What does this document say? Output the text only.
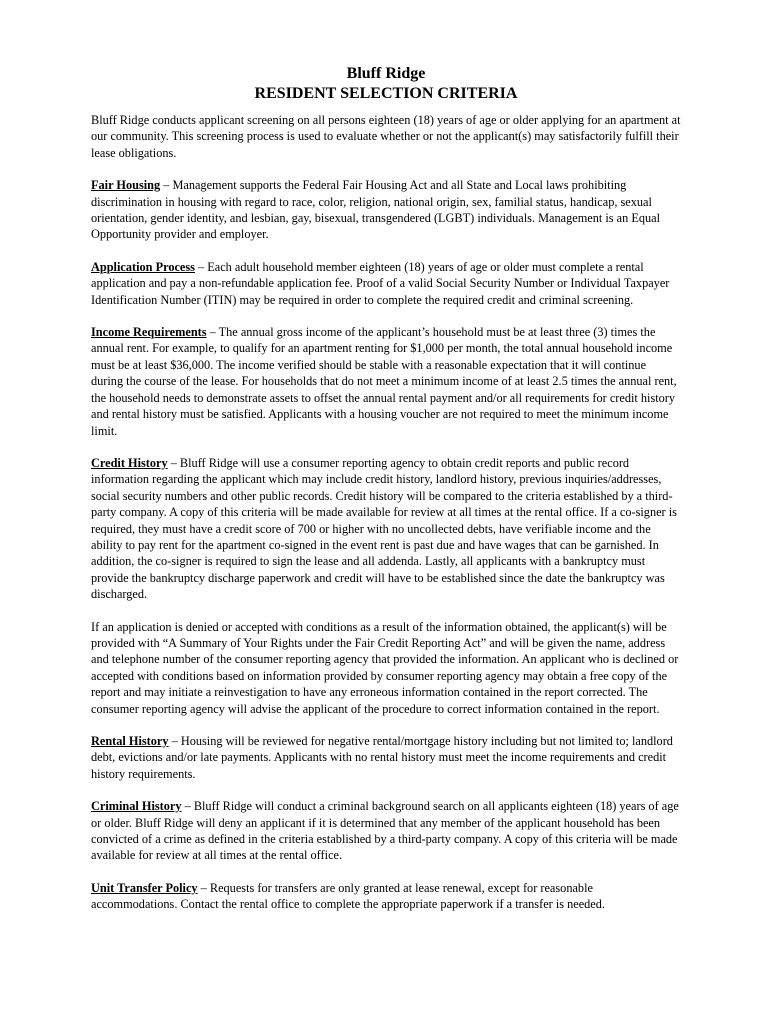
Bluff Ridge
RESIDENT SELECTION CRITERIA

Bluff Ridge conducts applicant screening on all persons eighteen (18) years of age or older applying for an apartment at our community. This screening process is used to evaluate whether or not the applicant(s) may satisfactorily fulfill their lease obligations.

Fair Housing – Management supports the Federal Fair Housing Act and all State and Local laws prohibiting discrimination in housing with regard to race, color, religion, national origin, sex, familial status, handicap, sexual orientation, gender identity, and lesbian, gay, bisexual, transgendered (LGBT) individuals. Management is an Equal Opportunity provider and employer.

Application Process – Each adult household member eighteen (18) years of age or older must complete a rental application and pay a non-refundable application fee. Proof of a valid Social Security Number or Individual Taxpayer Identification Number (ITIN) may be required in order to complete the required credit and criminal screening.

Income Requirements – The annual gross income of the applicant’s household must be at least three (3) times the annual rent. For example, to qualify for an apartment renting for $1,000 per month, the total annual household income must be at least $36,000. The income verified should be stable with a reasonable expectation that it will continue during the course of the lease. For households that do not meet a minimum income of at least 2.5 times the annual rent, the household needs to demonstrate assets to offset the annual rental payment and/or all requirements for credit history and rental history must be satisfied. Applicants with a housing voucher are not required to meet the minimum income limit.

Credit History – Bluff Ridge will use a consumer reporting agency to obtain credit reports and public record information regarding the applicant which may include credit history, landlord history, previous inquiries/addresses, social security numbers and other public records. Credit history will be compared to the criteria established by a third-party company. A copy of this criteria will be made available for review at all times at the rental office. If a co-signer is required, they must have a credit score of 700 or higher with no uncollected debts, have verifiable income and the ability to pay rent for the apartment co-signed in the event rent is past due and have wages that can be garnished. In addition, the co-signer is required to sign the lease and all addenda. Lastly, all applicants with a bankruptcy must provide the bankruptcy discharge paperwork and credit will have to be established since the date the bankruptcy was discharged.

If an application is denied or accepted with conditions as a result of the information obtained, the applicant(s) will be provided with “A Summary of Your Rights under the Fair Credit Reporting Act” and will be given the name, address and telephone number of the consumer reporting agency that provided the information. An applicant who is declined or accepted with conditions based on information provided by consumer reporting agency may obtain a free copy of the report and may initiate a reinvestigation to have any erroneous information contained in the report corrected. The consumer reporting agency will advise the applicant of the procedure to correct information contained in the report.

Rental History – Housing will be reviewed for negative rental/mortgage history including but not limited to; landlord debt, evictions and/or late payments. Applicants with no rental history must meet the income requirements and credit history requirements.

Criminal History – Bluff Ridge will conduct a criminal background search on all applicants eighteen (18) years of age or older. Bluff Ridge will deny an applicant if it is determined that any member of the applicant household has been convicted of a crime as defined in the criteria established by a third-party company. A copy of this criteria will be made available for review at all times at the rental office.

Unit Transfer Policy – Requests for transfers are only granted at lease renewal, except for reasonable accommodations. Contact the rental office to complete the appropriate paperwork if a transfer is needed.
